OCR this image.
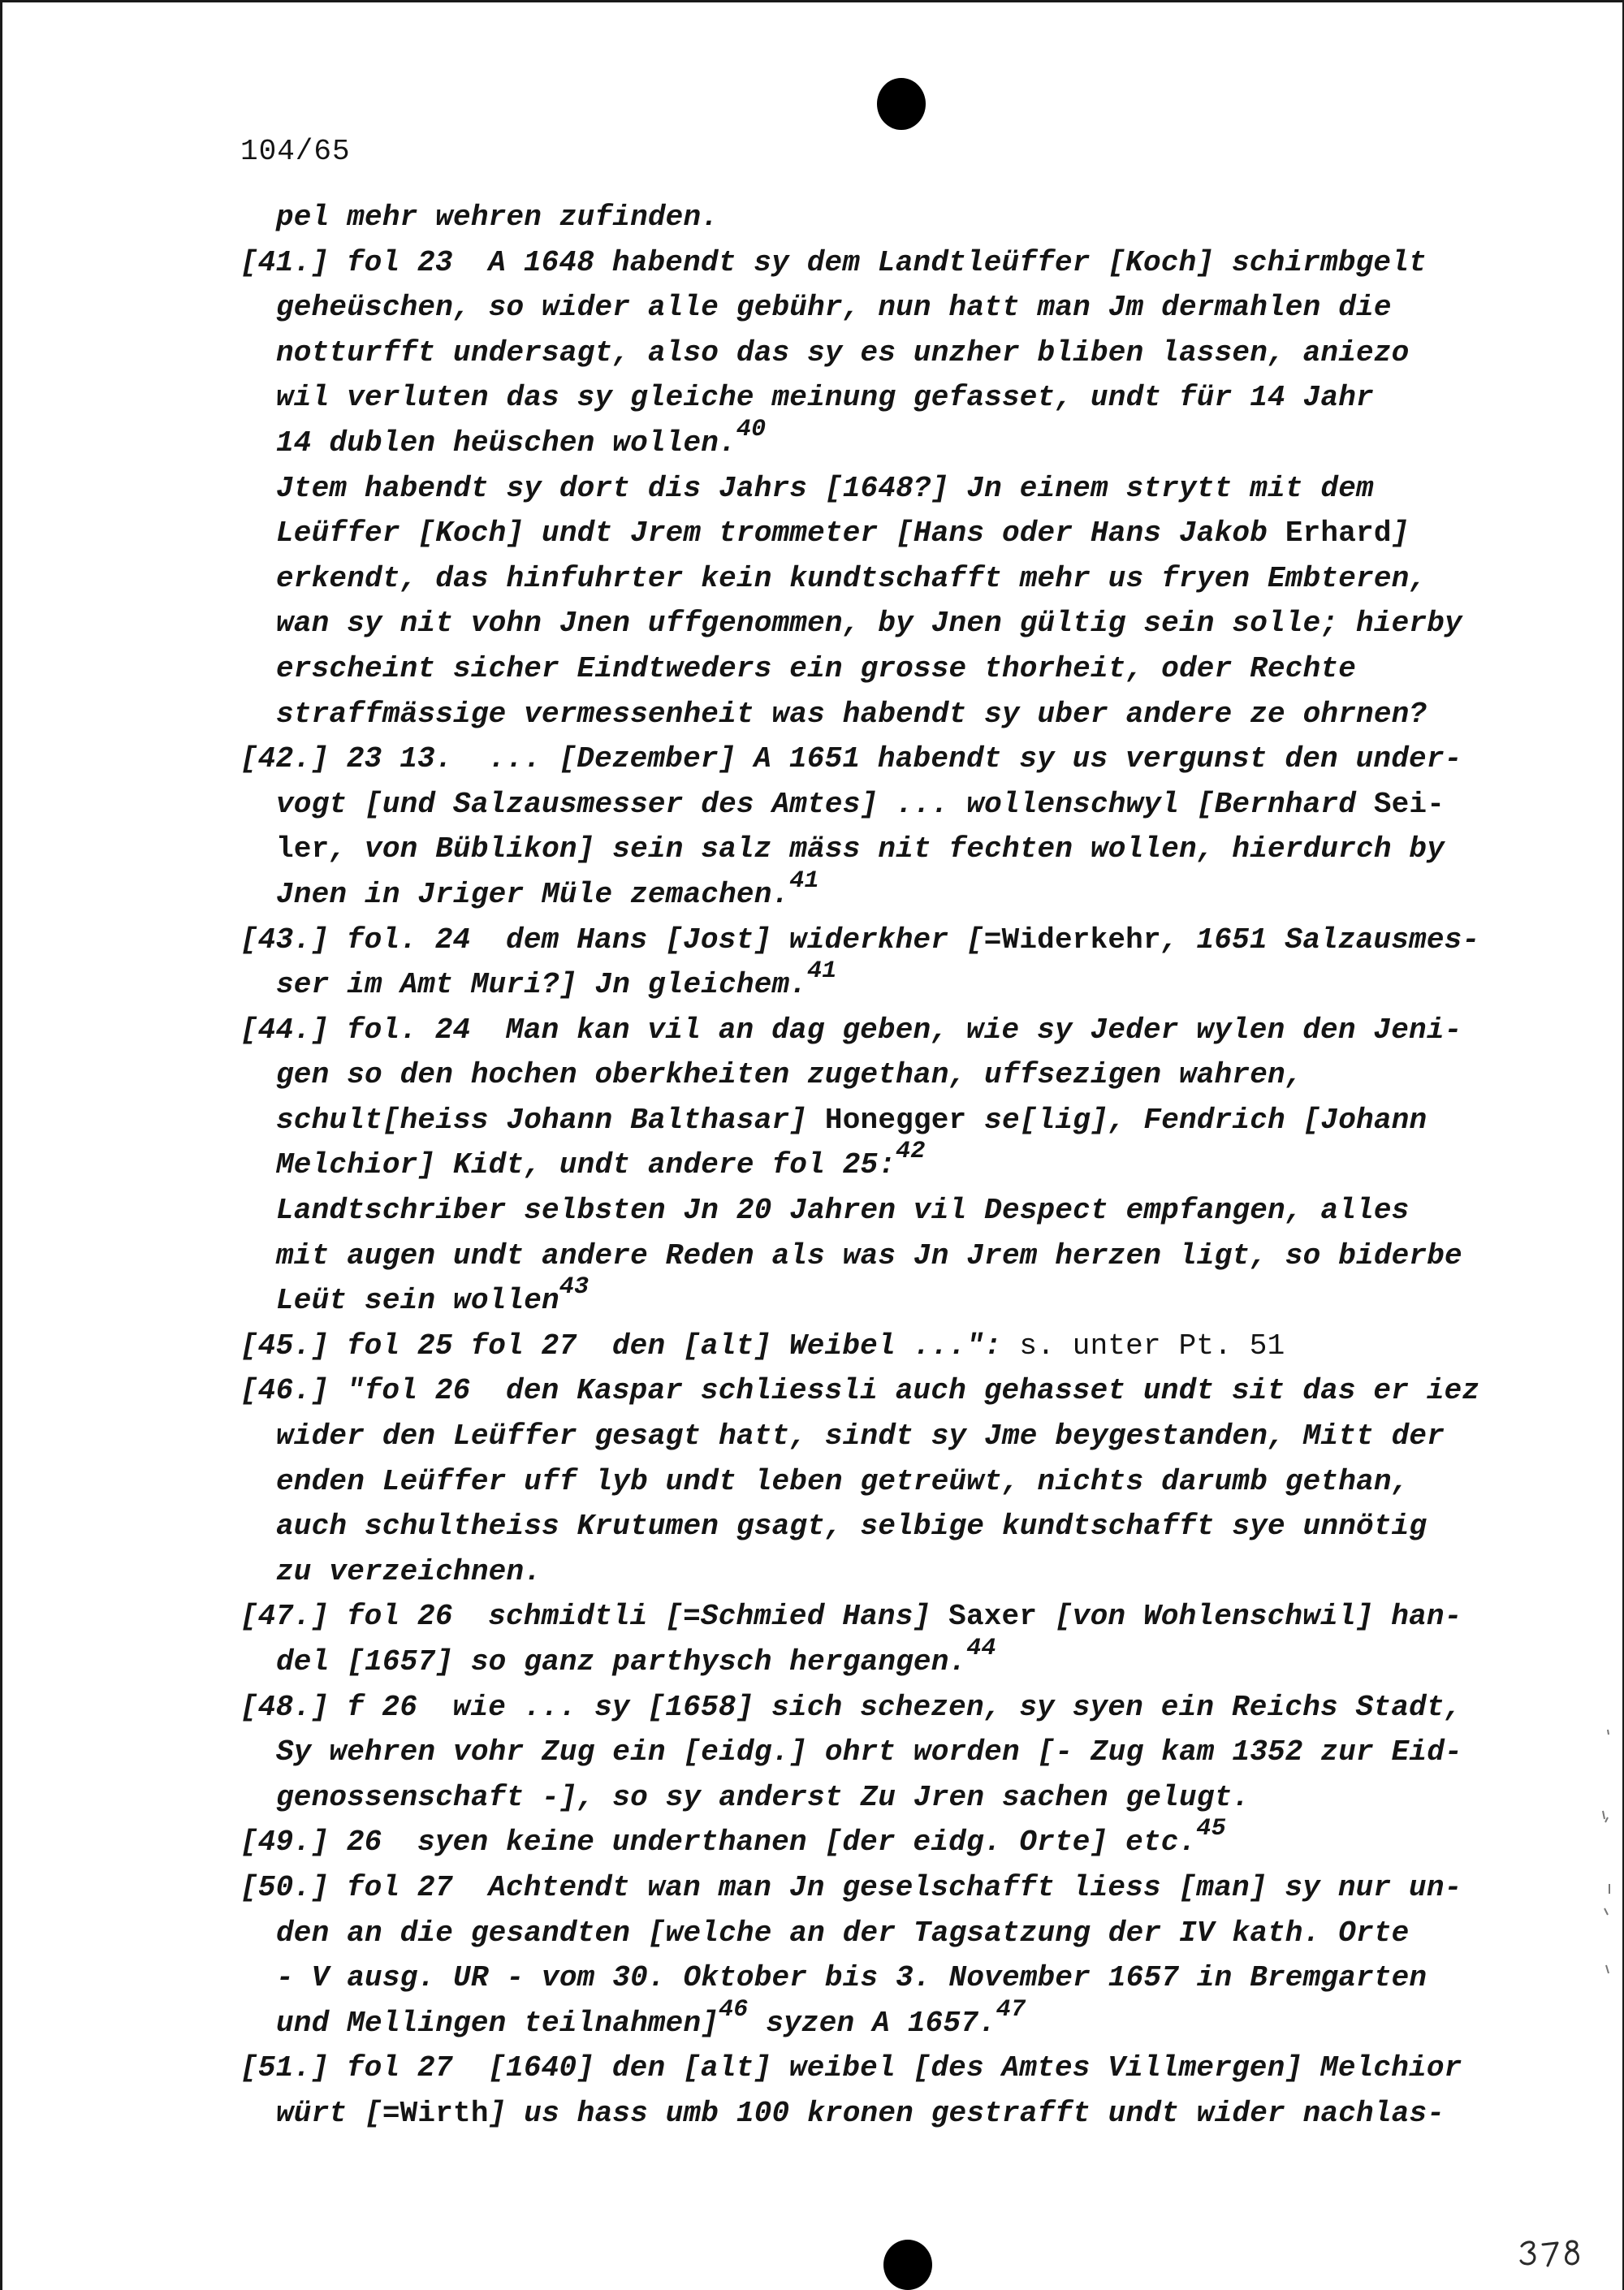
104/65
pel mehr wehren zufinden.
[41.] fol 23  A 1648 habendt sy dem Landtleüffer [Koch] schirmbgelt
geheüschen, so wider alle gebühr, nun hatt man Jm dermahlen die
notturfft undersagt, also das sy es unzher bliben lassen, aniezo
wil verluten das sy gleiche meinung gefasset, undt für 14 Jahr
14 dublen heüschen wollen.$^{40}$
Jtem habendt sy dort dis Jahrs [1648?] Jn einem strytt mit dem
Leüffer [Koch] undt Jrem trommeter [Hans oder Hans Jakob Erhard]
erkendt, das hinfuhrter kein kundtschafft mehr us fryen Embteren,
wan sy nit vohn Jnen uffgenommen, by Jnen gültig sein solle; hierby
erscheint sicher Eindtweders ein grosse thorheit, oder Rechte
straffmässige vermessenheit was habendt sy uber andere ze ohrnen?
[42.] 23 13.  ... [Dezember] A 1651 habendt sy us vergunst den under-
vogt [und Salzausmesser des Amtes] ... wollenschwyl [Bernhard Sei-
ler, von Büblikon] sein salz mäss nit fechten wollen, hierdurch by
Jnen in Jriger Müle zemachen.$^{41}$
[43.] fol. 24  dem Hans [Jost] widerkher [=Widerkehr, 1651 Salzausmes-
ser im Amt Muri?] Jn gleichem.$^{41}$
[44.] fol. 24  Man kan vil an dag geben, wie sy Jeder wylen den Jeni-
gen so den hochen oberkheiten zugethan, uffsezigen wahren,
schult[heiss Johann Balthasar] Honegger se[lig], Fendrich [Johann
Melchior] Kidt, undt andere fol 25:$^{42}$
Landtschriber selbsten Jn 20 Jahren vil Despect empfangen, alles
mit augen undt andere Reden als was Jn Jrem herzen ligt, so biderbe
Leüt sein wollen$^{43}$
[45.] fol 25 fol 27  den [alt] Weibel ...": s. unter Pt. 51
[46.] "fol 26  den Kaspar schliessli auch gehasset undt sit das er iez
wider den Leüffer gesagt hatt, sindt sy Jme beygestanden, Mitt der
enden Leüffer uff lyb undt leben getreüwt, nichts darumb gethan,
auch schultheiss Krutumen gsagt, selbige kundtschafft sye unnötig
zu verzeichnen.
[47.] fol 26  schmidtli [=Schmied Hans] Saxer [von Wohlenschwil] han-
del [1657] so ganz parthysch hergangen.$^{44}$
[48.] f 26  wie ... sy [1658] sich schezen, sy syen ein Reichs Stadt,
Sy wehren vohr Zug ein [eidg.] ohrt worden [- Zug kam 1352 zur Eid-
genossenschaft -], so sy anderst Zu Jren sachen gelugt.
[49.] 26  syen keine underthanen [der eidg. Orte] etc.$^{45}$
[50.] fol 27  Achtendt wan man Jn geselschafft liess [man] sy nur un-
den an die gesandten [welche an der Tagsatzung der IV kath. Orte
- V ausg. UR - vom 30. Oktober bis 3. November 1657 in Bremgarten
und Mellingen teilnahmen]$^{46}$ syzen A 1657.47
[51.] fol 27  [1640] den [alt] weibel [des Amtes Villmergen] Melchior
würt [=Wirth] us hass umb 100 kronen gestrafft undt wider nachlas-
